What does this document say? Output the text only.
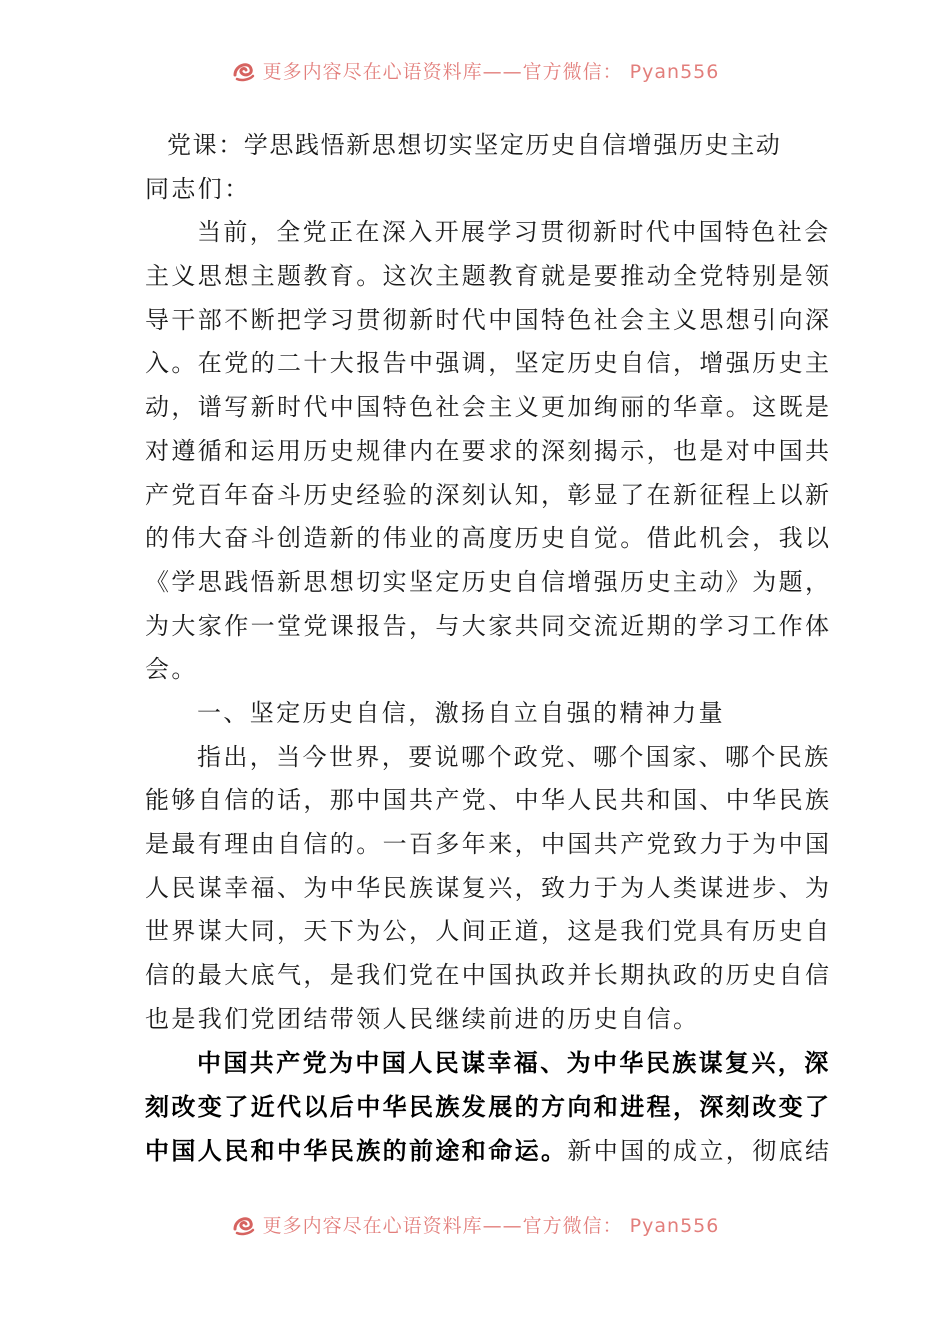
更多内容尽在心语资料库——官方微信： Pyan556
党课：学思践悟新思想切实坚定历史自信增强历史主动
同志们：
当前，全党正在深入开展学习贯彻新时代中国特色社会
主义思想主题教育。这次主题教育就是要推动全党特别是领
导干部不断把学习贯彻新时代中国特色社会主义思想引向深
入。在党的二十大报告中强调，坚定历史自信，增强历史主
动，谱写新时代中国特色社会主义更加绚丽的华章。这既是
对遵循和运用历史规律内在要求的深刻揭示，也是对中国共
产党百年奋斗历史经验的深刻认知，彰显了在新征程上以新
的伟大奋斗创造新的伟业的高度历史自觉。借此机会，我以
《学思践悟新思想切实坚定历史自信增强历史主动》为题，
为大家作一堂党课报告，与大家共同交流近期的学习工作体
会。
一、坚定历史自信，激扬自立自强的精神力量
指出，当今世界，要说哪个政党、哪个国家、哪个民族
能够自信的话，那中国共产党、中华人民共和国、中华民族
是最有理由自信的。一百多年来，中国共产党致力于为中国
人民谋幸福、为中华民族谋复兴，致力于为人类谋进步、为
世界谋大同，天下为公，人间正道，这是我们党具有历史自
信的最大底气，是我们党在中国执政并长期执政的历史自信
也是我们党团结带领人民继续前进的历史自信。
中国共产党为中国人民谋幸福、为中华民族谋复兴，深
刻改变了近代以后中华民族发展的方向和进程，深刻改变了
中国人民和中华民族的前途和命运。新中国的成立，彻底结
更多内容尽在心语资料库——官方微信： Pyan556
